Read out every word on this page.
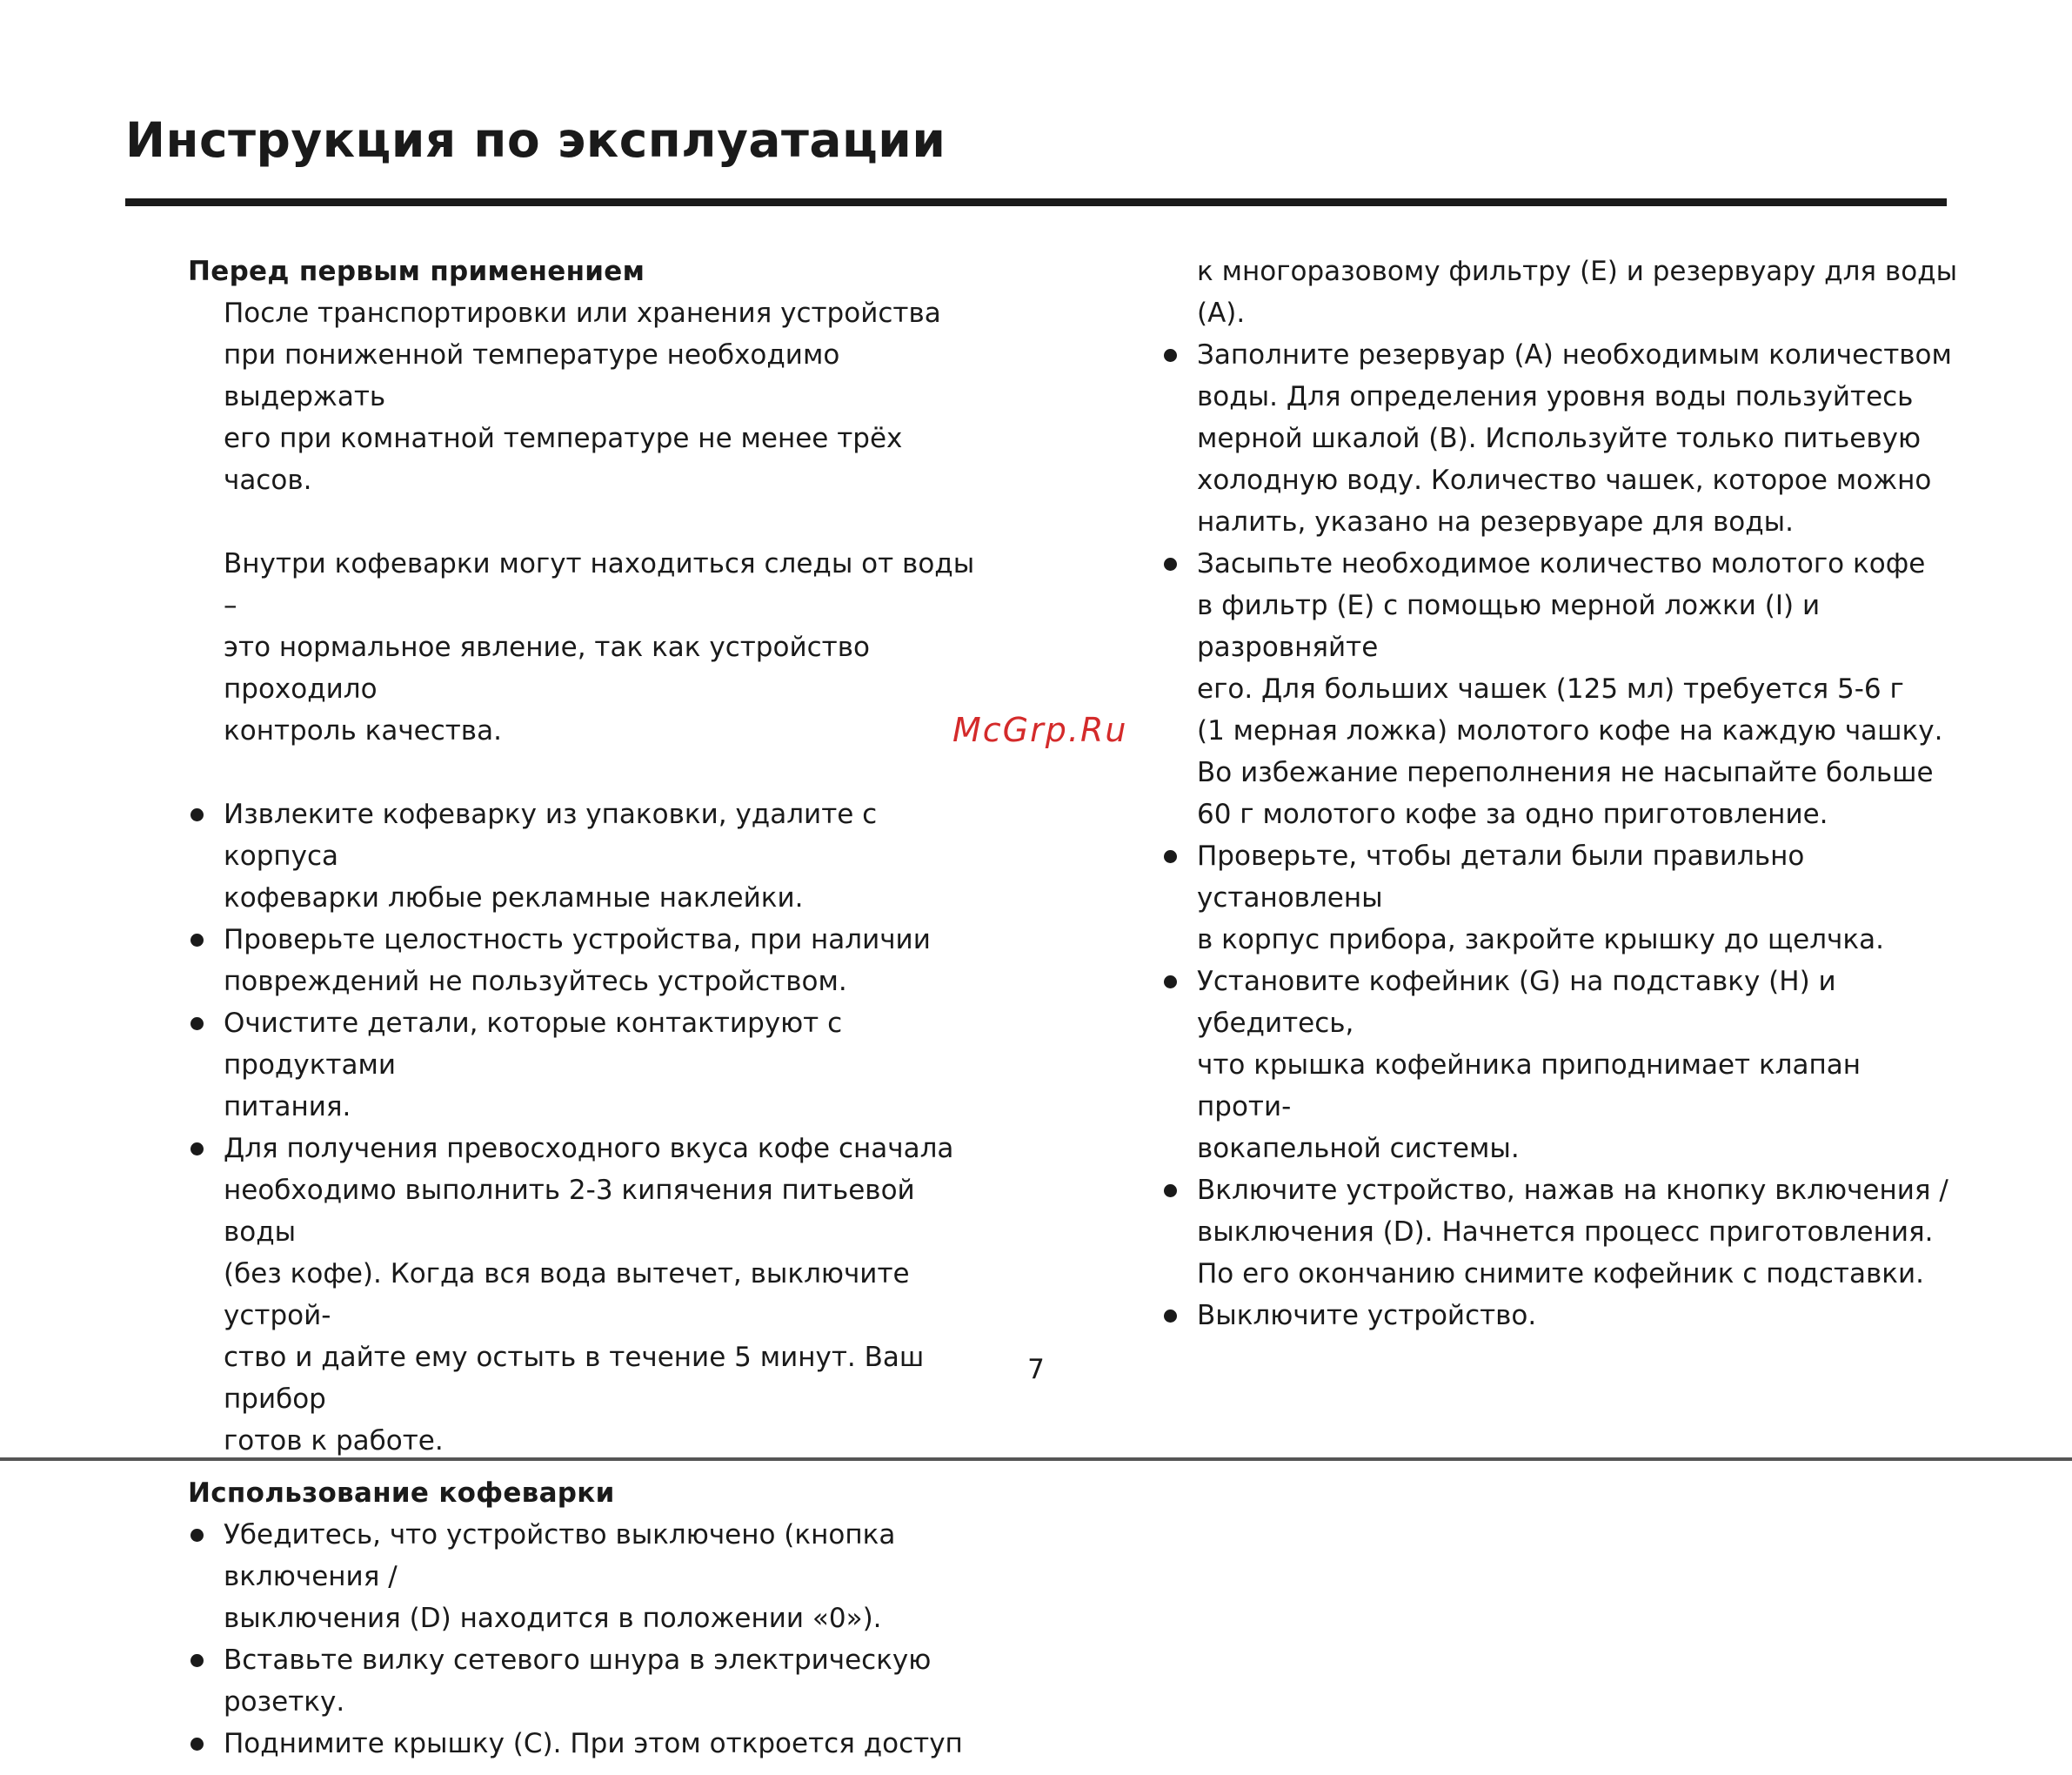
Инструкция по эксплуатации
Перед первым применением

После транспортировки или хранения устройства
при пониженной температуре необходимо выдержать
его при комнатной температуре не менее трёх часов.

Внутри кофеварки могут находиться следы от воды –
это нормальное явление, так как устройство проходило
контроль качества.

Извлеките кофеварку из упаковки, удалите с корпуса
кофеварки любые рекламные наклейки.
Проверьте целостность устройства, при наличии
повреждений не пользуйтесь устройством.
Очистите детали, которые контактируют с продуктами
питания.
Для получения превосходного вкуса кофе сначала
необходимо выполнить 2-3 кипячения питьевой воды
(без кофе). Когда вся вода вытечет, выключите устрой-
ство и дайте ему остыть в течение 5 минут. Ваш прибор
готов к работе.
Использование кофеварки
Убедитесь, что устройство выключено (кнопка включения /
выключения (D) находится в положении «0»).
Вставьте вилку сетевого шнура в электрическую розетку.
Поднимите крышку (С). При этом откроется доступ
к многоразовому фильтру (Е) и резервуару для воды (А).
Заполните резервуар (А) необходимым количеством
воды. Для определения уровня воды пользуйтесь
мерной шкалой (В). Используйте только питьевую
холодную воду. Количество чашек, которое можно
налить, указано на резервуаре для воды.
Засыпьте необходимое количество молотого кофе
в фильтр (Е) с помощью мерной ложки (I) и разровняйте
его. Для больших чашек (125 мл) требуется 5-6 г
(1 мерная ложка) молотого кофе на каждую чашку.
Во избежание переполнения не насыпайте больше
60 г молотого кофе за одно приготовление.
Проверьте, чтобы детали были правильно установлены
в корпус прибора, закройте крышку до щелчка.
Установите кофейник (G) на подставку (H) и убедитесь,
что крышка кофейника приподнимает клапан проти-
вокапельной системы.
Включите устройство, нажав на кнопку включения /
выключения (D). Начнется процесс приготовления.
По его окончанию снимите кофейник с подставки.
Выключите устройство.
McGrp.Ru
7
